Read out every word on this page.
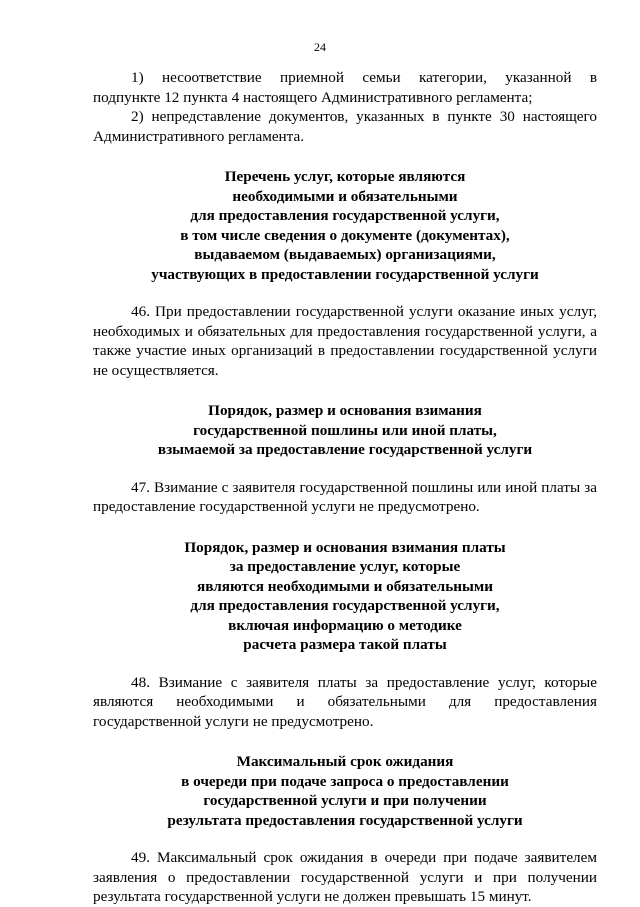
24

1) несоответствие приемной семьи категории, указанной в

подпункте 12 пункта 4 настоящего Административного регламента;

2) непредставление документов, указанных в пункте 30 настоящего

Административного регламента.

Перечень услуг, которые являются
необходимыми и обязательными
для предоставления государственной услуги,
в том числе сведения о документе (документах),
выдаваемом (выдаваемых) организациями,
участвующих в предоставлении государственной услуги

46. При предоставлении государственной услуги оказание иных услуг, необходимых и обязательных для предоставления государственной услуги, а также участие иных организаций в предоставлении государственной услуги не осуществляется.

Порядок, размер и основания взимания
государственной пошлины или иной платы,
взымаемой за предоставление государственной услуги

47. Взимание с заявителя государственной пошлины или иной платы за предоставление государственной услуги не предусмотрено.

Порядок, размер и основания взимания платы
за предоставление услуг, которые
являются необходимыми и обязательными
для предоставления государственной услуги,
включая информацию о методике
расчета размера такой платы

48. Взимание с заявителя платы за предоставление услуг, которые являются необходимыми и обязательными для предоставления государственной услуги не предусмотрено.

Максимальный срок ожидания
в очереди при подаче запроса о предоставлении
государственной услуги и при получении
результата предоставления государственной услуги

49. Максимальный срок ожидания в очереди при подаче заявителем заявления о предоставлении государственной услуги и при получении результата государственной услуги не должен превышать 15 минут.
